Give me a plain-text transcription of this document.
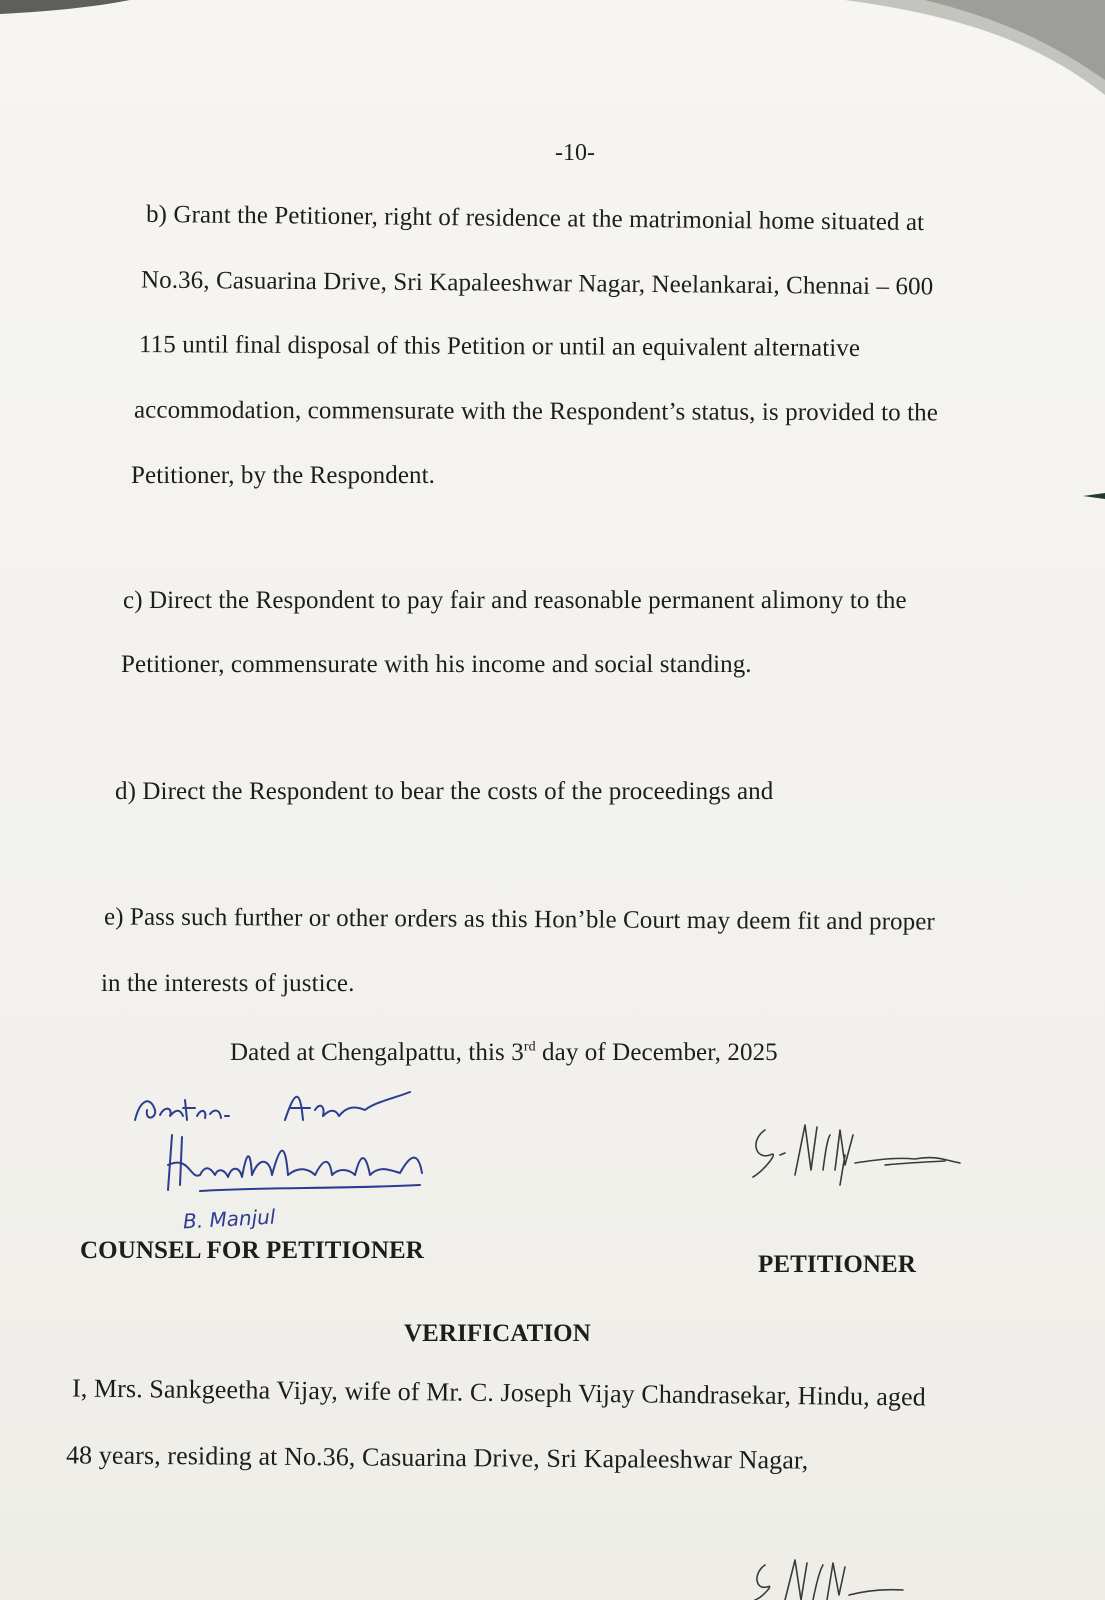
-10-
b) Grant the Petitioner, right of residence at the matrimonial home situated at
No.36, Casuarina Drive, Sri Kapaleeshwar Nagar, Neelankarai, Chennai – 600
115 until final disposal of this Petition or until an equivalent alternative
accommodation, commensurate with the Respondent’s status, is provided to the
Petitioner, by the Respondent.
c) Direct the Respondent to pay fair and reasonable permanent alimony to the
Petitioner, commensurate with his income and social standing.
d) Direct the Respondent to bear the costs of the proceedings and
e) Pass such further or other orders as this Hon’ble Court may deem fit and proper
in the interests of justice.
Dated at Chengalpattu, this 3rd day of December, 2025
B. Manjul
COUNSEL FOR PETITIONER
PETITIONER
VERIFICATION
I, Mrs. Sankgeetha Vijay, wife of Mr. C. Joseph Vijay Chandrasekar, Hindu, aged
48 years, residing at No.36, Casuarina Drive, Sri Kapaleeshwar Nagar,
